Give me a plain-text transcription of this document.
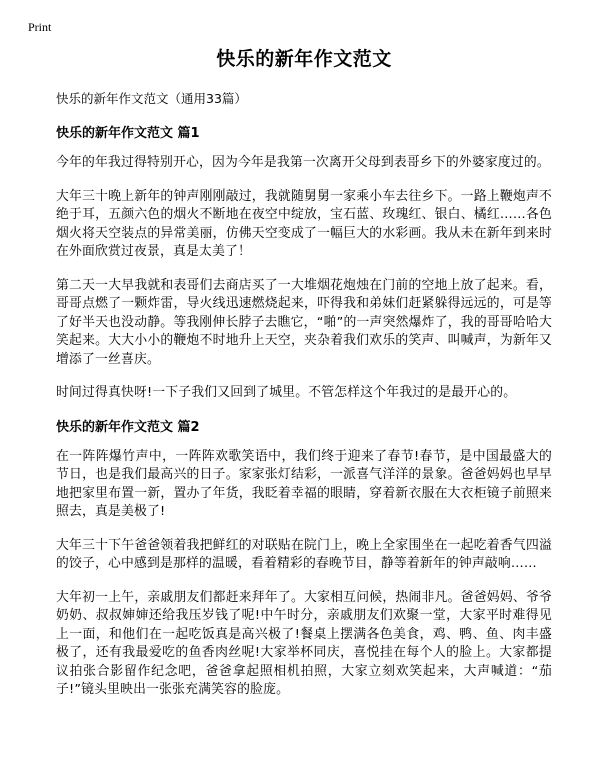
Print
快乐的新年作文范文
快乐的新年作文范文（通用33篇）
快乐的新年作文范文 篇1

今年的年我过得特别开心，因为今年是我第一次离开父母到表哥乡下的外婆家度过的。

大年三十晚上新年的钟声刚刚敲过，我就随舅舅一家乘小车去往乡下。一路上鞭炮声不绝于耳，五颜六色的烟火不断地在夜空中绽放，宝石蓝、玫瑰红、银白、橘红……各色烟火将天空装点的异常美丽，仿佛天空变成了一幅巨大的水彩画。我从未在新年到来时在外面欣赏过夜景，真是太美了！

第二天一大早我就和表哥们去商店买了一大堆烟花炮烛在门前的空地上放了起来。看，哥哥点燃了一颗炸雷，导火线迅速燃烧起来，吓得我和弟妹们赶紧躲得远远的，可是等了好半天也没动静。等我刚伸长脖子去瞧它，“啪”的一声突然爆炸了，我的哥哥哈哈大笑起来。大大小小的鞭炮不时地升上天空，夹杂着我们欢乐的笑声、叫喊声，为新年又增添了一丝喜庆。

时间过得真快呀!一下子我们又回到了城里。不管怎样这个年我过的是最开心的。

快乐的新年作文范文 篇2

在一阵阵爆竹声中，一阵阵欢歌笑语中，我们终于迎来了春节!春节，是中国最盛大的节日，也是我们最高兴的日子。家家张灯结彩，一派喜气洋洋的景象。爸爸妈妈也早早地把家里布置一新，置办了年货，我眨着幸福的眼睛，穿着新衣服在大衣柜镜子前照来照去，真是美极了!

大年三十下午爸爸领着我把鲜红的对联贴在院门上，晚上全家围坐在一起吃着香气四溢的饺子，心中感到是那样的温暖，看着精彩的春晚节目，静等着新年的钟声敲响……

大年初一上午，亲戚朋友们都赶来拜年了。大家相互问候，热闹非凡。爸爸妈妈、爷爷奶奶、叔叔婶婶还给我压岁钱了呢!中午时分，亲戚朋友们欢聚一堂，大家平时难得见上一面，和他们在一起吃饭真是高兴极了!餐桌上摆满各色美食，鸡、鸭、鱼、肉丰盛极了，还有我最爱吃的鱼香肉丝呢!大家举杯同庆，喜悦挂在每个人的脸上。大家都提议拍张合影留作纪念吧，爸爸拿起照相机拍照，大家立刻欢笑起来，大声喊道：“茄子!”镜头里映出一张张充满笑容的脸庞。
